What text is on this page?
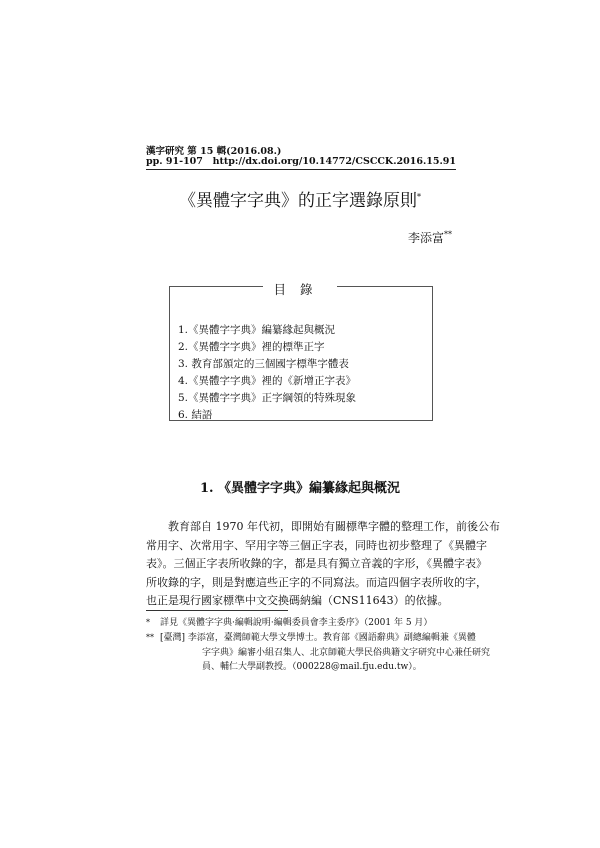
漢字研究 第 15 輯(2016.08.)
pp. 91-107 http://dx.doi.org/10.14772/CSCCK.2016.15.91
《異體字字典》的正字選錄原則*
李添富**
目錄
1.《異體字字典》編纂緣起與概況
2.《異體字字典》裡的標準正字
3. 教育部頒定的三個國字標準字體表
4.《異體字字典》裡的《新增正字表》
5.《異體字字典》正字綱領的特殊現象
6. 結語
1. 《異體字字典》編纂緣起與概況
教育部自 1970 年代初，即開始有關標準字體的整理工作，前後公布
常用字、次常用字、罕用字等三個正字表，同時也初步整理了《異體字
表》。三個正字表所收錄的字，都是具有獨立音義的字形，《異體字表》
所收錄的字，則是對應這些正字的不同寫法。而這四個字表所收的字，
也正是現行國家標準中文交換碼納編（CNS11643）的依據。
* 詳見《異體字字典·編輯說明·編輯委員會李主委序》（2001 年 5 月）
** [臺灣] 李添富，臺灣師範大學文學博士。教育部《國語辭典》副總編輯兼《異體
字字典》編審小組召集人、北京師範大學民俗典籍文字研究中心兼任研究
員、輔仁大學副教授。（000228@mail.fju.edu.tw）。
